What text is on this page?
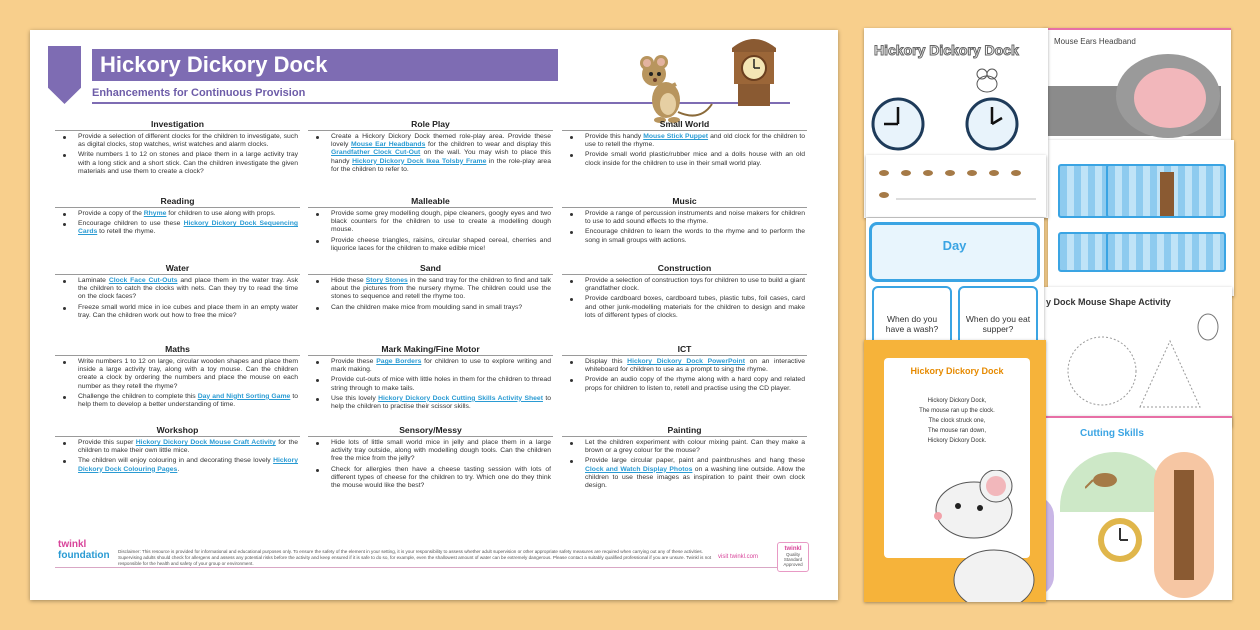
Hickory Dickory Dock
Enhancements for Continuous Provision
Investigation
Provide a selection of different clocks for the children to investigate, such as digital clocks, stop watches, wrist watches and alarm clocks.
Write numbers 1 to 12 on stones and place them in a large activity tray with a long stick and a short stick. Can the children investigate the given materials and use them to create a clock?
Role Play
Create a Hickory Dickory Dock themed role-play area. Provide these lovely Mouse Ear Headbands for the children to wear and display this Grandfather Clock Cut-Out on the wall. You may wish to place this handy Hickory Dickory Dock Ikea Tolsby Frame in the role-play area for the children to refer to.
Small World
Provide this handy Mouse Stick Puppet and old clock for the children to use to retell the rhyme.
Provide small world plastic/rubber mice and a dolls house with an old clock inside for the children to use in their small world play.
Reading
Provide a copy of the Rhyme for children to use along with props.
Encourage children to use these Hickory Dickory Dock Sequencing Cards to retell the rhyme.
Malleable
Provide some grey modelling dough, pipe cleaners, googly eyes and two black counters for the children to use to create a modelling dough mouse.
Provide cheese triangles, raisins, circular shaped cereal, cherries and liquorice laces for the children to make edible mice!
Music
Provide a range of percussion instruments and noise makers for children to use to add sound effects to the rhyme.
Encourage children to learn the words to the rhyme and to perform the song in small groups with actions.
Water
Laminate Clock Face Cut-Outs and place them in the water tray. Ask the children to catch the clocks with nets. Can they try to read the time on the clock faces?
Freeze small world mice in ice cubes and place them in an empty water tray. Can the children work out how to free the mice?
Sand
Hide these Story Stones in the sand tray for the children to find and talk about the pictures from the nursery rhyme. The children could use the stones to sequence and retell the rhyme too.
Can the children make mice from moulding sand in small trays?
Construction
Provide a selection of construction toys for children to use to build a giant grandfather clock.
Provide cardboard boxes, cardboard tubes, plastic tubs, foil cases, card and other junk-modelling materials for the children to design and make lots of different types of clocks.
Maths
Write numbers 1 to 12 on large, circular wooden shapes and place them inside a large activity tray, along with a toy mouse. Can the children create a clock by ordering the numbers and place the mouse on each number as they retell the rhyme?
Challenge the children to complete this Day and Night Sorting Game to help them to develop a better understanding of time.
Mark Making/Fine Motor
Provide these Page Borders for children to use to explore writing and mark making.
Provide cut-outs of mice with little holes in them for the children to thread string through to make tails.
Use this lovely Hickory Dickory Dock Cutting Skills Activity Sheet to help the children to practise their scissor skills.
ICT
Display this Hickory Dickory Dock PowerPoint on an interactive whiteboard for children to use as a prompt to sing the rhyme.
Provide an audio copy of the rhyme along with a hard copy and related props for children to listen to, retell and practise using the CD player.
Workshop
Provide this super Hickory Dickory Dock Mouse Craft Activity for the children to make their own little mice.
The children will enjoy colouring in and decorating these lovely Hickory Dickory Dock Colouring Pages.
Sensory/Messy
Hide lots of little small world mice in jelly and place them in a large activity tray outside, along with modelling dough tools. Can the children free the mice from the jelly?
Check for allergies then have a cheese tasting session with lots of different types of cheese for the children to try. Which one do they think the mouse would like the best?
Painting
Let the children experiment with colour mixing paint. Can they make a brown or a grey colour for the mouse?
Provide large circular paper, paint and paintbrushes and hang these Clock and Watch Display Photos on a washing line outside. Allow the children to use these images as inspiration to paint their own clock design.
twinkl
foundation Disclaimer: This resource is provided for informational and educational purposes only. To ensure the safety of the element in your setting, it is your responsibility to assess whether adult supervision or other appropriate safety measures are required when carrying out any of these activities. Supervising adults should check for allergens and assess any potential risks before the activity and keep ensured if it is safe to do so, for example, even the shallowest amount of water can be extremely dangerous. Please contact a suitably qualified professional if you are unsure. Twinkl is not responsible for the health and safety of your group or environment.
visit twinkl.com
twinkl
Quality Standard Approved
Mouse Ears Headband
y Dock Mouse Shape Activity
Cutting Skills
Hickory Dickory Dock
Day
When do you have a wash?
When do you eat supper?
Hickory Dickory Dock
Hickory Dickory Dock,
The mouse ran up the clock.
The clock struck one,
The mouse ran down,
Hickory Dickory Dock.
